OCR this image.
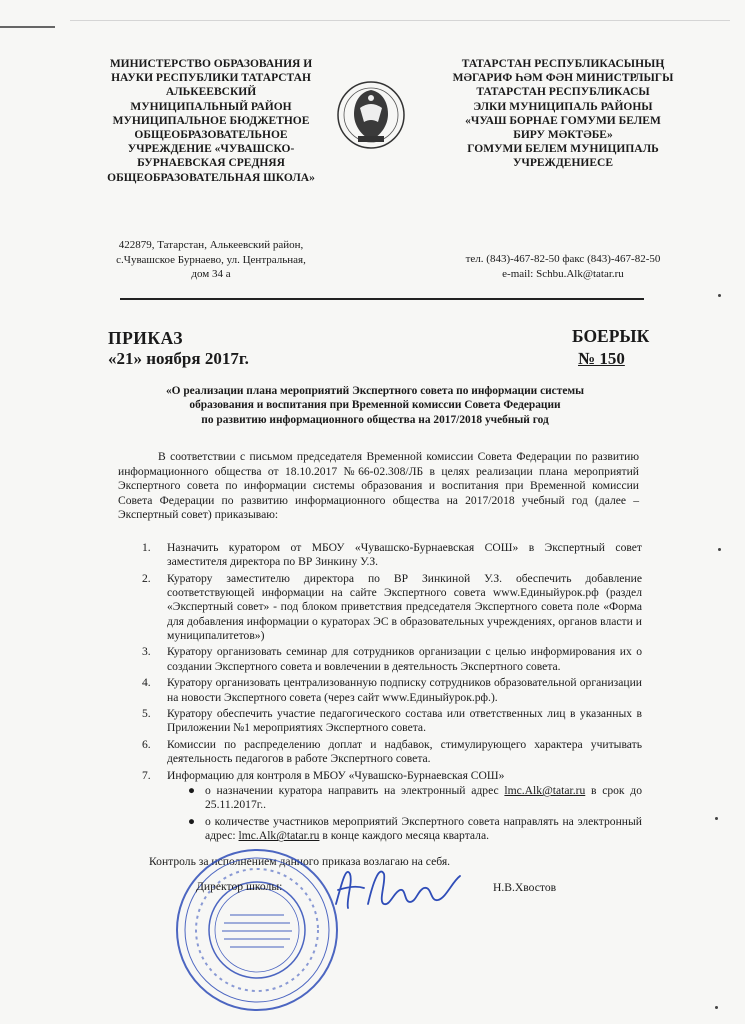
МИНИСТЕРСТВО ОБРАЗОВАНИЯ И
НАУКИ РЕСПУБЛИКИ ТАТАРСТАН
АЛЬКЕЕВСКИЙ
МУНИЦИПАЛЬНЫЙ РАЙОН
МУНИЦИПАЛЬНОЕ БЮДЖЕТНОЕ
ОБЩЕОБРАЗОВАТЕЛЬНОЕ
УЧРЕЖДЕНИЕ «ЧУВАШСКО-
БУРНАЕВСКАЯ СРЕДНЯЯ
ОБЩЕОБРАЗОВАТЕЛЬНАЯ ШКОЛА»
ТАТАРСТАН РЕСПУБЛИКАСЫНЫҢ
МӘГАРИФ ҺӘМ ФӘН МИНИСТРЛЫГЫ
ТАТАРСТАН РЕСПУБЛИКАСЫ
ЭЛКИ МУНИЦИПАЛЬ РАЙОНЫ
«ЧУАШ БОРНАЕ ГОМУМИ БЕЛЕМ
БИРУ МӘКТӘБЕ»
ГОМУМИ БЕЛЕМ МУНИЦИПАЛЬ
УЧРЕЖДЕНИЕСЕ
422879, Татарстан, Алькеевский район,
с.Чувашское Бурнаево, ул. Центральная,
дом 34 а
тел. (843)-467-82-50 факс (843)-467-82-50
e-mail: Schbu.Alk@tatar.ru
ПРИКАЗ
«21» ноября 2017г.
БОЕРЫК
№ 150
«О реализации плана мероприятий Экспертного совета по информации системы
образования и воспитания при Временной комиссии Совета Федерации
по развитию информационного общества на 2017/2018 учебный год
В соответствии с письмом председателя Временной комиссии Совета Федерации по развитию информационного общества от 18.10.2017 №66-02.308/ЛБ в целях реализации плана мероприятий Экспертного совета по информации системы образования и воспитания при Временной комиссии Совета Федерации по развитию информационного общества на 2017/2018 учебный год (далее – Экспертный совет) приказываю:
1. Назначить куратором от МБОУ «Чувашско-Бурнаевская СОШ» в Экспертный совет заместителя директора по ВР Зинкину У.З.
2. Куратору заместителю директора по ВР Зинкиной У.З. обеспечить добавление соответствующей информации на сайте Экспертного совета www.Единыйурок.рф (раздел «Экспертный совет» - под блоком приветствия председателя Экспертного совета поле «Форма для добавления информации о кураторах ЭС в образовательных учреждениях, органов власти и муниципалитетов»)
3. Куратору организовать семинар для сотрудников организации с целью информирования их о создании Экспертного совета и вовлечении в деятельность Экспертного совета.
4. Куратору организовать централизованную подписку сотрудников образовательной организации на новости Экспертного совета (через сайт www.Единыйурок.рф.).
5. Куратору обеспечить участие педагогического состава или ответственных лиц в указанных в Приложении №1 мероприятиях Экспертного совета.
6. Комиссии по распределению доплат и надбавок, стимулирующего характера учитывать деятельность педагогов в работе Экспертного совета.
7. Информацию для контроля в МБОУ «Чувашско-Бурнаевская СОШ»
● о назначении куратора направить на электронный адрес lmc.Alk@tatar.ru в срок до 25.11.2017г..
● о количестве участников мероприятий Экспертного совета направлять на электронный адрес: lmc.Alk@tatar.ru в конце каждого месяца квартала.
Контроль за исполнением данного приказа возлагаю на себя.
Директор школы:	Н.В.Хвостов
